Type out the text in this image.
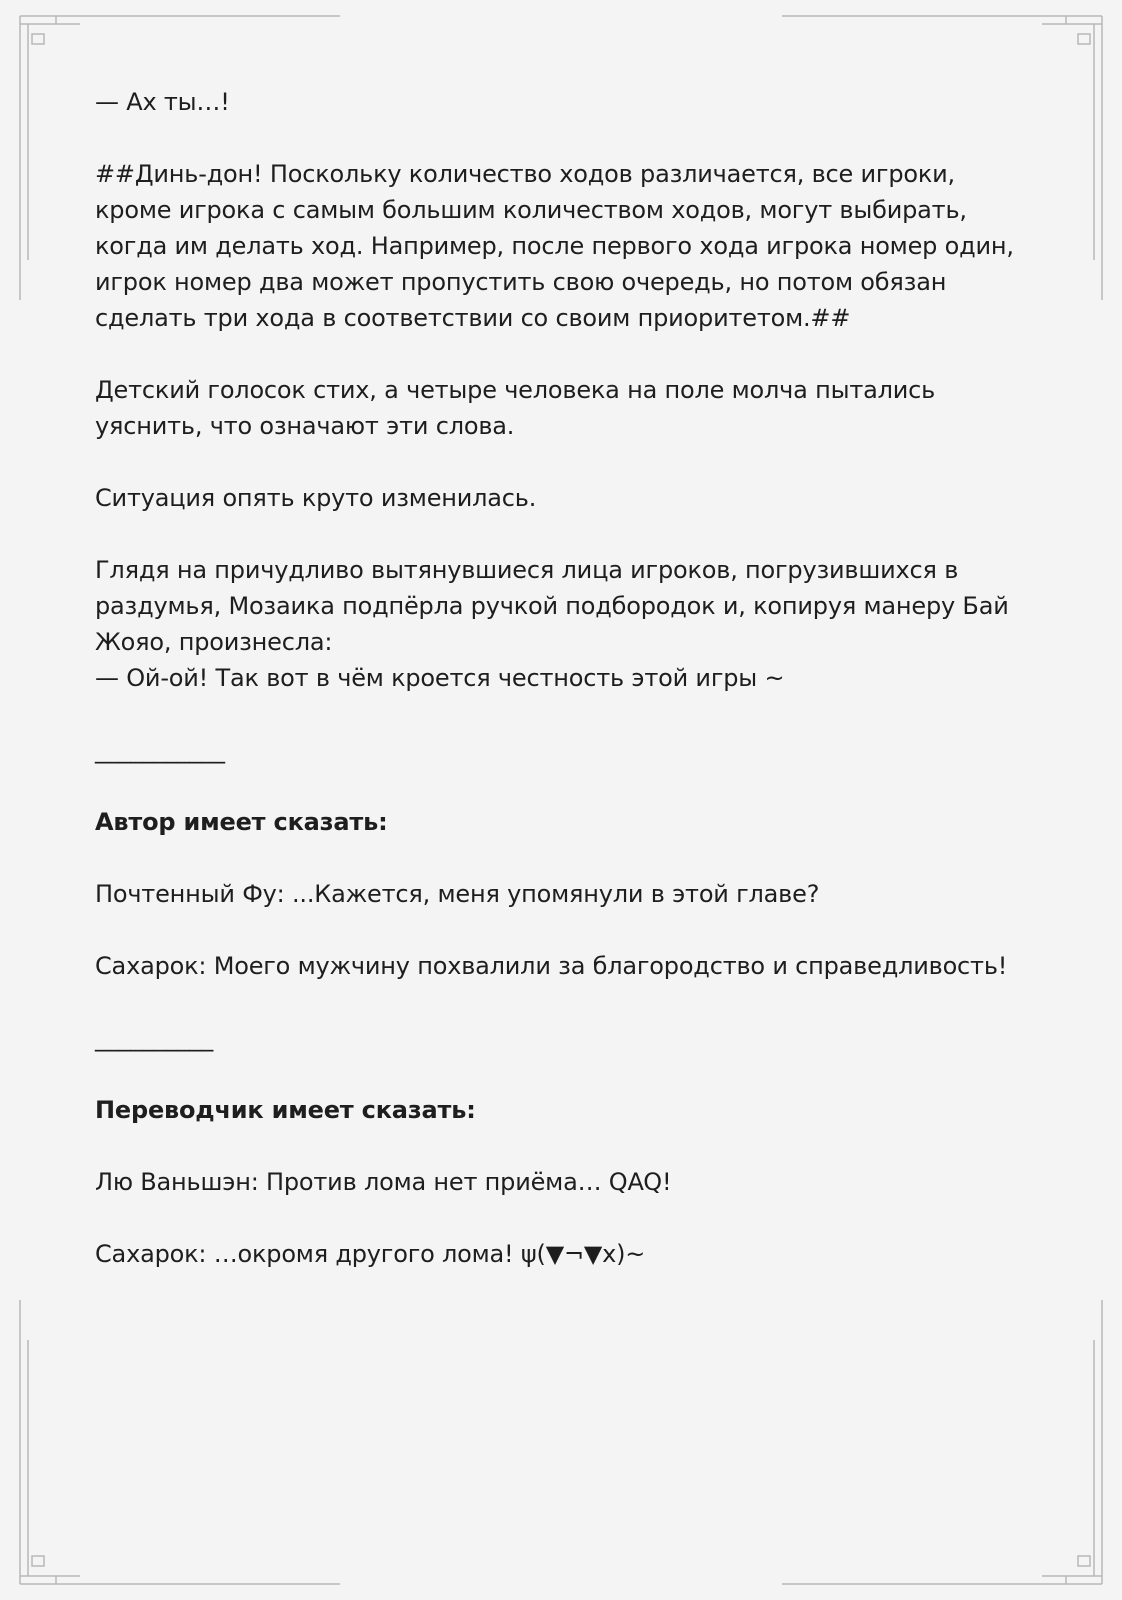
— Ах ты…!

##Динь-дон! Поскольку количество ходов различается, все игроки, кроме игрока с самым большим количеством ходов, могут выбирать, когда им делать ход. Например, после первого хода игрока номер один, игрок номер два может пропустить свою очередь, но потом обязан сделать три хода в соответствии со своим приоритетом.##

Детский голосок стих, а четыре человека на поле молча пытались уяснить, что означают эти слова.

Ситуация опять круто изменилась.

Глядя на причудливо вытянувшиеся лица игроков, погрузившихся в раздумья, Мозаика подпёрла ручкой подбородок и, копируя манеру Бай Жояо, произнесла:

— Ой-ой! Так вот в чём кроется честность этой игры ~

___________

Автор имеет сказать:

Почтенный Фу: ...Кажется, меня упомянули в этой главе?

Сахарок: Моего мужчину похвалили за благородство и справедливость!

__________

Переводчик имеет сказать:

Лю Ваньшэн: Против лома нет приёма… QAQ!

Сахарок: …окромя другого лома! ψ(▼¬▼x)~
